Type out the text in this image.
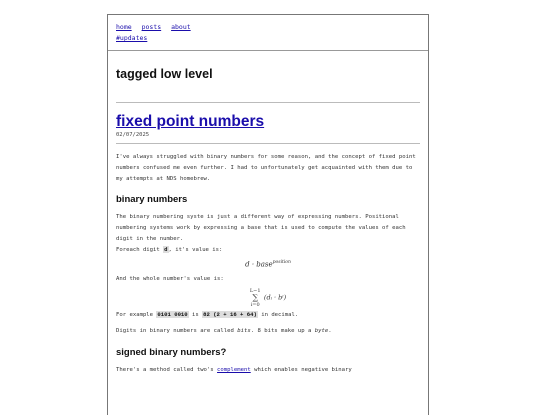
home posts about
#updates
tagged low level
fixed point numbers
02/07/2025

I've always struggled with binary numbers for some reason, and the concept of fixed point numbers confused me even further. I had to unfortunately get acquainted with them due to my attempts at NDS homebrew.

binary numbers

The binary numbering syste is just a different way of expressing numbers. Positional numbering systems work by expressing a base that is used to compute the values of each digit in the number.

Foreach digit d, it's value is:

d · base$^{position}$

And the whole number's value is:

L−1
∑
i=0
(dᵢ · bⁱ)

For example 0101 0010 is 82 (2 + 16 + 64) in decimal.

Digits in binary numbers are called bits. 8 bits make up a byte.

signed binary numbers?

There's a method called two's complement which enables negative binary
